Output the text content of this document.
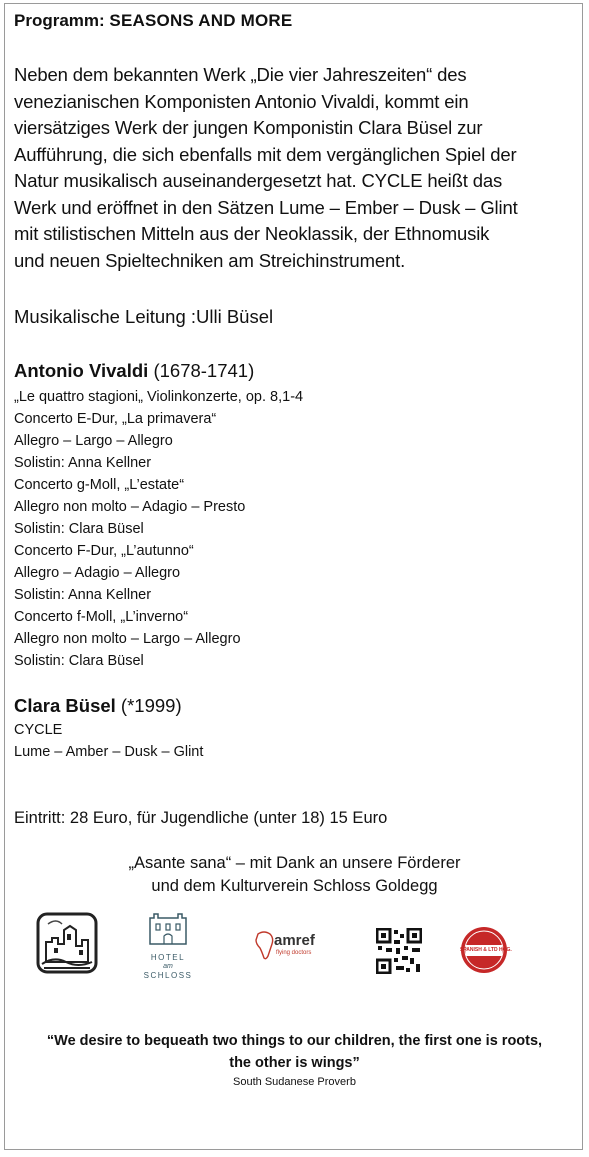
Programm: SEASONS AND MORE
Neben dem bekannten Werk „Die vier Jahreszeiten“ des
venezianischen Komponisten Antonio Vivaldi, kommt ein
viersätziges Werk der jungen Komponistin Clara Büsel zur
Aufführung, die sich ebenfalls mit dem vergänglichen Spiel der
Natur musikalisch auseinandergesetzt hat. CYCLE heißt das
Werk und eröffnet in den Sätzen Lume – Ember – Dusk – Glint
mit stilistischen Mitteln aus der Neoklassik, der Ethnomusik
und neuen Spieltechniken am Streichinstrument.
Musikalische Leitung :Ulli Büsel
Antonio Vivaldi (1678-1741)
„Le quattro stagioni„ Violinkonzerte, op. 8,1-4
Concerto E-Dur, „La primavera“
Allegro – Largo – Allegro
Solistin: Anna Kellner
Concerto g-Moll, „L’estate“
Allegro non molto – Adagio – Presto
Solistin: Clara Büsel
Concerto F-Dur, „L’autunno“
Allegro – Adagio – Allegro
Solistin: Anna Kellner
Concerto f-Moll, „L’inverno“
Allegro non molto – Largo – Allegro
Solistin: Clara Büsel
Clara Büsel (*1999)
CYCLE
Lume – Amber – Dusk – Glint
Eintritt: 28 Euro, für Jugendliche (unter 18) 15 Euro
„Asante sana“ – mit Dank an unsere Förderer
und dem Kulturverein Schloss Goldegg
HOTEL
am
SCHLOSS
amref
flying doctors	SPANISH & LTD HOG.
“We desire to bequeath two things to our children, the first one is roots,
the other is wings”
South Sudanese Proverb
